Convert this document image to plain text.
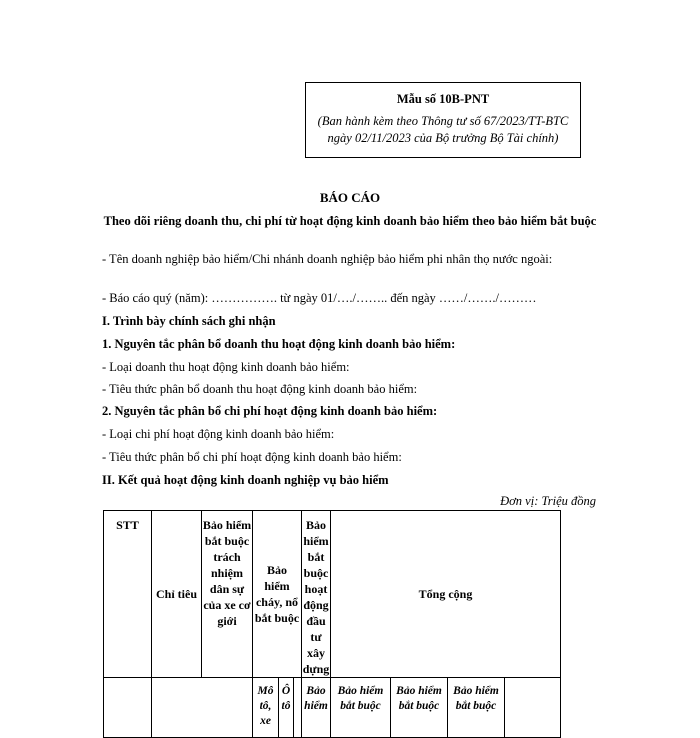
Mẫu số 10B-PNT
(Ban hành kèm theo Thông tư số 67/2023/TT-BTC ngày 02/11/2023 của Bộ trưởng Bộ Tài chính)
BÁO CÁO
Theo dõi riêng doanh thu, chi phí từ hoạt động kinh doanh bảo hiểm theo bảo hiểm bắt buộc
- Tên doanh nghiệp bảo hiểm/Chi nhánh doanh nghiệp bảo hiểm phi nhân thọ nước ngoài:
- Báo cáo quý (năm): ……………. từ ngày 01/…./…….. đến ngày ……/……./………
I. Trình bày chính sách ghi nhận
1. Nguyên tắc phân bổ doanh thu hoạt động kinh doanh bảo hiểm:
- Loại doanh thu hoạt động kinh doanh bảo hiểm:
- Tiêu thức phân bổ doanh thu hoạt động kinh doanh bảo hiểm:
2. Nguyên tắc phân bổ chi phí hoạt động kinh doanh bảo hiểm:
- Loại chi phí hoạt động kinh doanh bảo hiểm:
- Tiêu thức phân bổ chi phí hoạt động kinh doanh bảo hiểm:
II. Kết quả hoạt động kinh doanh nghiệp vụ bảo hiểm
Đơn vị: Triệu đồng
STT	Chỉ tiêu	Bảo hiểm bắt buộc trách nhiệm dân sự của xe cơ giới	Bảo hiểm cháy, nổ bắt buộc			Bảo hiểm bắt buộc hoạt động đầu tư xây dựng	Tổng cộng			
			Mô tô, xe	Ô tô		Bảo hiểm	Bảo hiểm bắt buộc	Bảo hiểm bắt buộc	Bảo hiểm bắt buộc	
